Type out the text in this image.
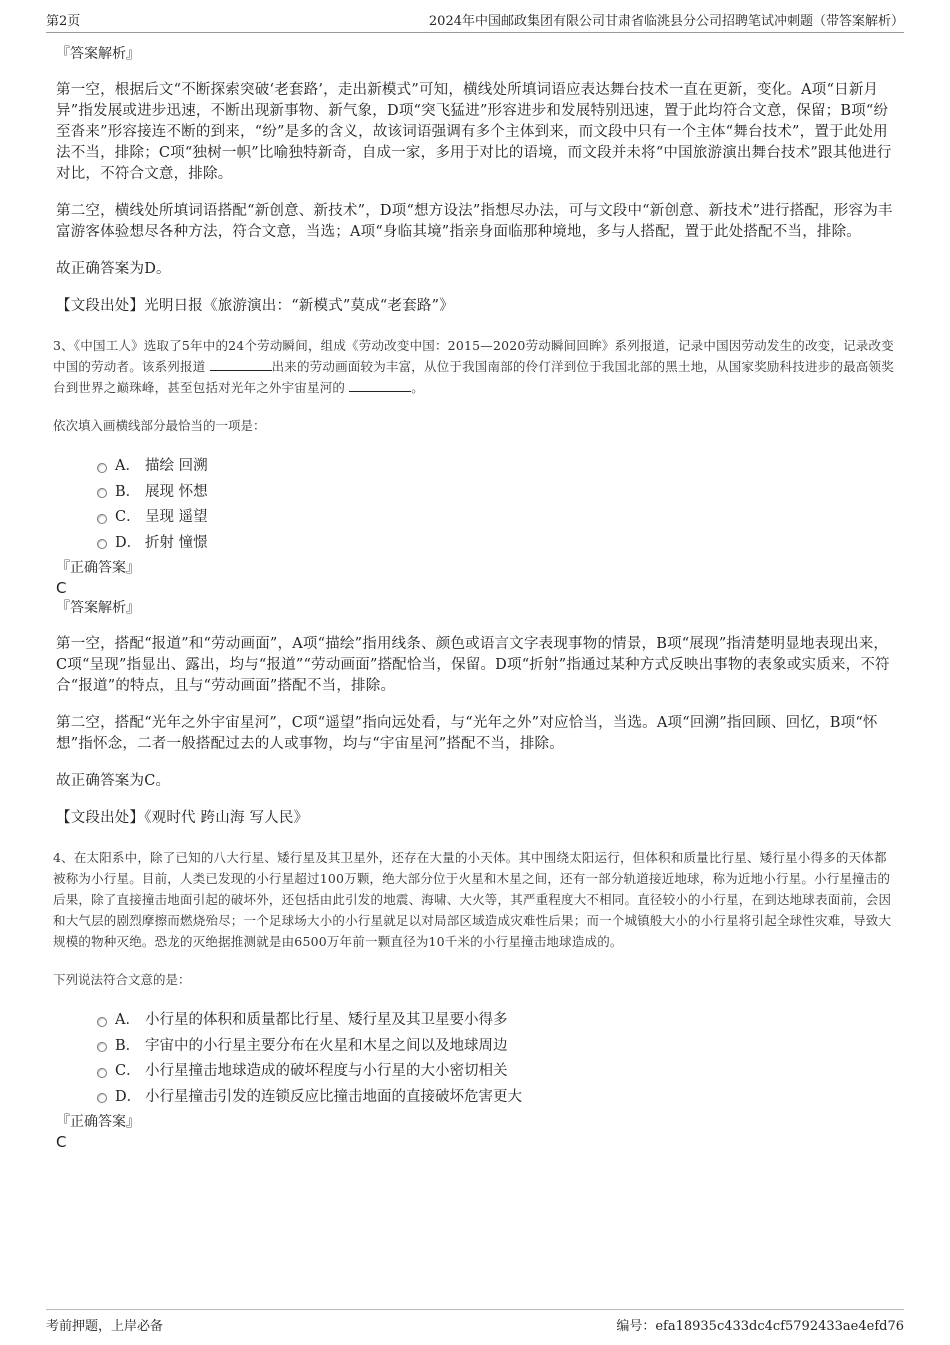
第2页	2024年中国邮政集团有限公司甘肃省临洮县分公司招聘笔试冲刺题（带答案解析）

『答案解析』

第一空，根据后文“不断探索突破‘老套路’，走出新模式”可知，横线处所填词语应表达舞台技术一直在更新，变化。A项“日新月异”指发展或进步迅速，不断出现新事物、新气象，D项“突飞猛进”形容进步和发展特别迅速，置于此均符合文意，保留；B项“纷至沓来”形容接连不断的到来，“纷”是多的含义，故该词语强调有多个主体到来，而文段中只有一个主体“舞台技术”，置于此处用法不当，排除；C项“独树一帜”比喻独特新奇，自成一家，多用于对比的语境，而文段并未将“中国旅游演出舞台技术”跟其他进行对比，不符合文意，排除。

第二空，横线处所填词语搭配“新创意、新技术”，D项“想方设法”指想尽办法，可与文段中“新创意、新技术”进行搭配，形容为丰富游客体验想尽各种方法，符合文意，当选；A项“身临其境”指亲身面临那种境地，多与人搭配，置于此处搭配不当，排除。

故正确答案为D。

【文段出处】光明日报《旅游演出：“新模式”莫成“老套路”》

3、《中国工人》选取了5年中的24个劳动瞬间，组成《劳动改变中国：2015—2020劳动瞬间回眸》系列报道，记录中国因劳动发生的改变，记录改变中国的劳动者。该系列报道	出来的劳动画面较为丰富，从位于我国南部的伶仃洋到位于我国北部的黑土地，从国家奖励科技进步的最高领奖台到世界之巅珠峰，甚至包括对光年之外宇宙星河的	。

依次填入画横线部分最恰当的一项是：

A． 描绘 回溯
B． 展现 怀想
C． 呈现 遥望
D． 折射 憧憬

『正确答案』

C

『答案解析』

第一空，搭配“报道”和“劳动画面”，A项“描绘”指用线条、颜色或语言文字表现事物的情景，B项“展现”指清楚明显地表现出来，C项“呈现”指显出、露出，均与“报道”“劳动画面”搭配恰当，保留。D项“折射”指通过某种方式反映出事物的表象或实质来，不符合“报道”的特点，且与“劳动画面”搭配不当，排除。

第二空，搭配“光年之外宇宙星河”，C项“遥望”指向远处看，与“光年之外”对应恰当，当选。A项“回溯”指回顾、回忆，B项“怀想”指怀念，二者一般搭配过去的人或事物，均与“宇宙星河”搭配不当，排除。

故正确答案为C。

【文段出处】《观时代 跨山海 写人民》

4、在太阳系中，除了已知的八大行星、矮行星及其卫星外，还存在大量的小天体。其中围绕太阳运行，但体积和质量比行星、矮行星小得多的天体都被称为小行星。目前，人类已发现的小行星超过100万颗，绝大部分位于火星和木星之间，还有一部分轨道接近地球，称为近地小行星。小行星撞击的后果，除了直接撞击地面引起的破坏外，还包括由此引发的地震、海啸、大火等，其严重程度大不相同。直径较小的小行星，在到达地球表面前，会因和大气层的剧烈摩擦而燃烧殆尽；一个足球场大小的小行星就足以对局部区域造成灾难性后果；而一个城镇般大小的小行星将引起全球性灾难，导致大规模的物种灭绝。恐龙的灭绝据推测就是由6500万年前一颗直径为10千米的小行星撞击地球造成的。

下列说法符合文意的是：

A． 小行星的体积和质量都比行星、矮行星及其卫星要小得多
B． 宇宙中的小行星主要分布在火星和木星之间以及地球周边
C． 小行星撞击地球造成的破坏程度与小行星的大小密切相关
D． 小行星撞击引发的连锁反应比撞击地面的直接破坏危害更大

『正确答案』

C

考前押题，上岸必备	编号：efa18935c433dc4cf5792433ae4efd76
